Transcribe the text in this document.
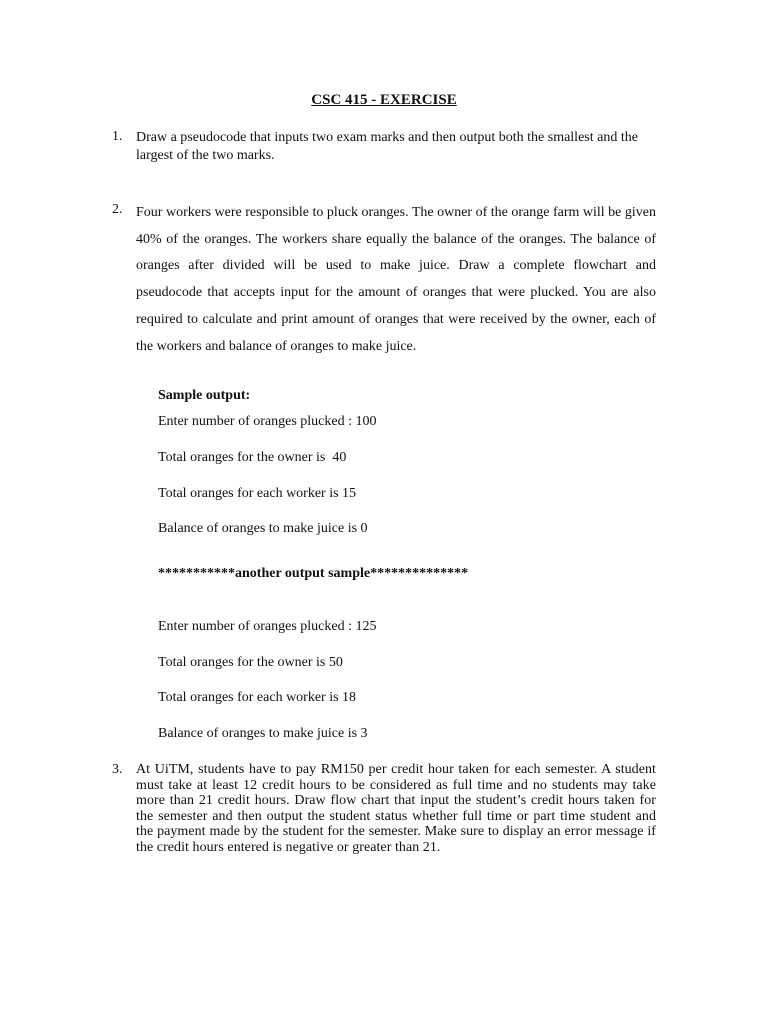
CSC 415 - EXERCISE
1. Draw a pseudocode that inputs two exam marks and then output both the smallest and the largest of the two marks.
2. Four workers were responsible to pluck oranges. The owner of the orange farm will be given 40% of the oranges. The workers share equally the balance of the oranges. The balance of oranges after divided will be used to make juice. Draw a complete flowchart and pseudocode that accepts input for the amount of oranges that were plucked. You are also required to calculate and print amount of oranges that were received by the owner, each of the workers and balance of oranges to make juice.
Sample output:
Enter number of oranges plucked : 100
Total oranges for the owner is  40
Total oranges for each worker is 15
Balance of oranges to make juice is 0
***********another output sample**************
Enter number of oranges plucked : 125
Total oranges for the owner is 50
Total oranges for each worker is 18
Balance of oranges to make juice is 3
3. At UiTM, students have to pay RM150 per credit hour taken for each semester. A student must take at least 12 credit hours to be considered as full time and no students may take more than 21 credit hours. Draw flow chart that input the student’s credit hours taken for the semester and then output the student status whether full time or part time student and the payment made by the student for the semester. Make sure to display an error message if the credit hours entered is negative or greater than 21.
